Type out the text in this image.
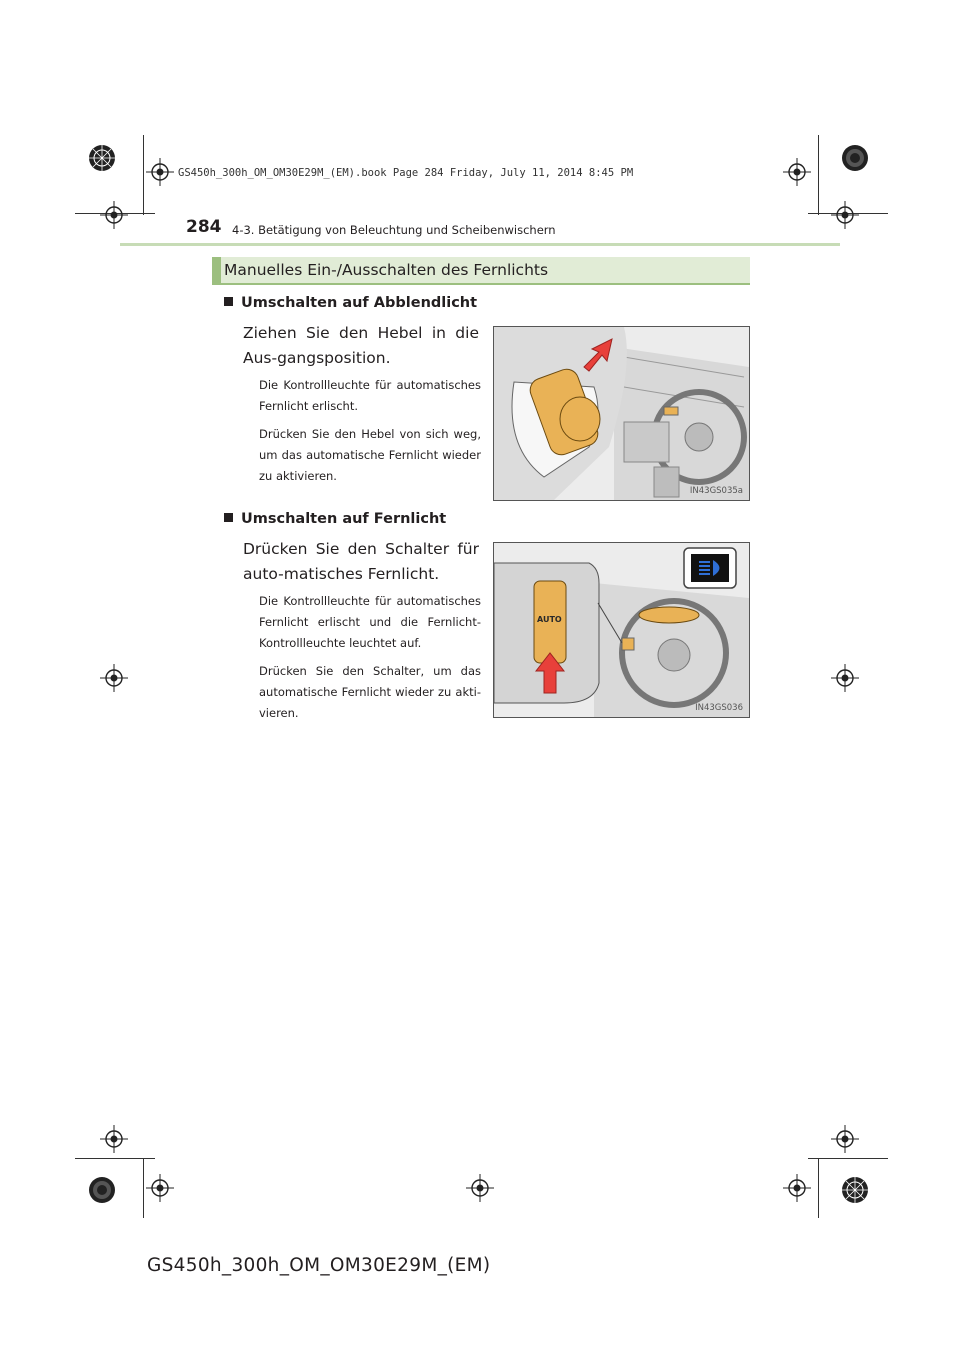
GS450h_300h_OM_OM30E29M_(EM).book Page 284 Friday, July 11, 2014 8:45 PM
284 4-3. Betätigung von Beleuchtung und Scheibenwischern
Manuelles Ein-/Ausschalten des Fernlichts
Umschalten auf Abblendlicht
Ziehen Sie den Hebel in die Aus-gangsposition.
Die Kontrollleuchte für automatisches Fernlicht erlischt.
Drücken Sie den Hebel von sich weg, um das automatische Fernlicht wieder zu aktivieren.
IN43GS035a
Umschalten auf Fernlicht
Drücken Sie den Schalter für auto-matisches Fernlicht.
Die Kontrollleuchte für automatisches Fernlicht erlischt und die Fernlicht-Kontrollleuchte leuchtet auf.
Drücken Sie den Schalter, um das automatische Fernlicht wieder zu akti-vieren.
AUTO
IN43GS036
GS450h_300h_OM_OM30E29M_(EM)
